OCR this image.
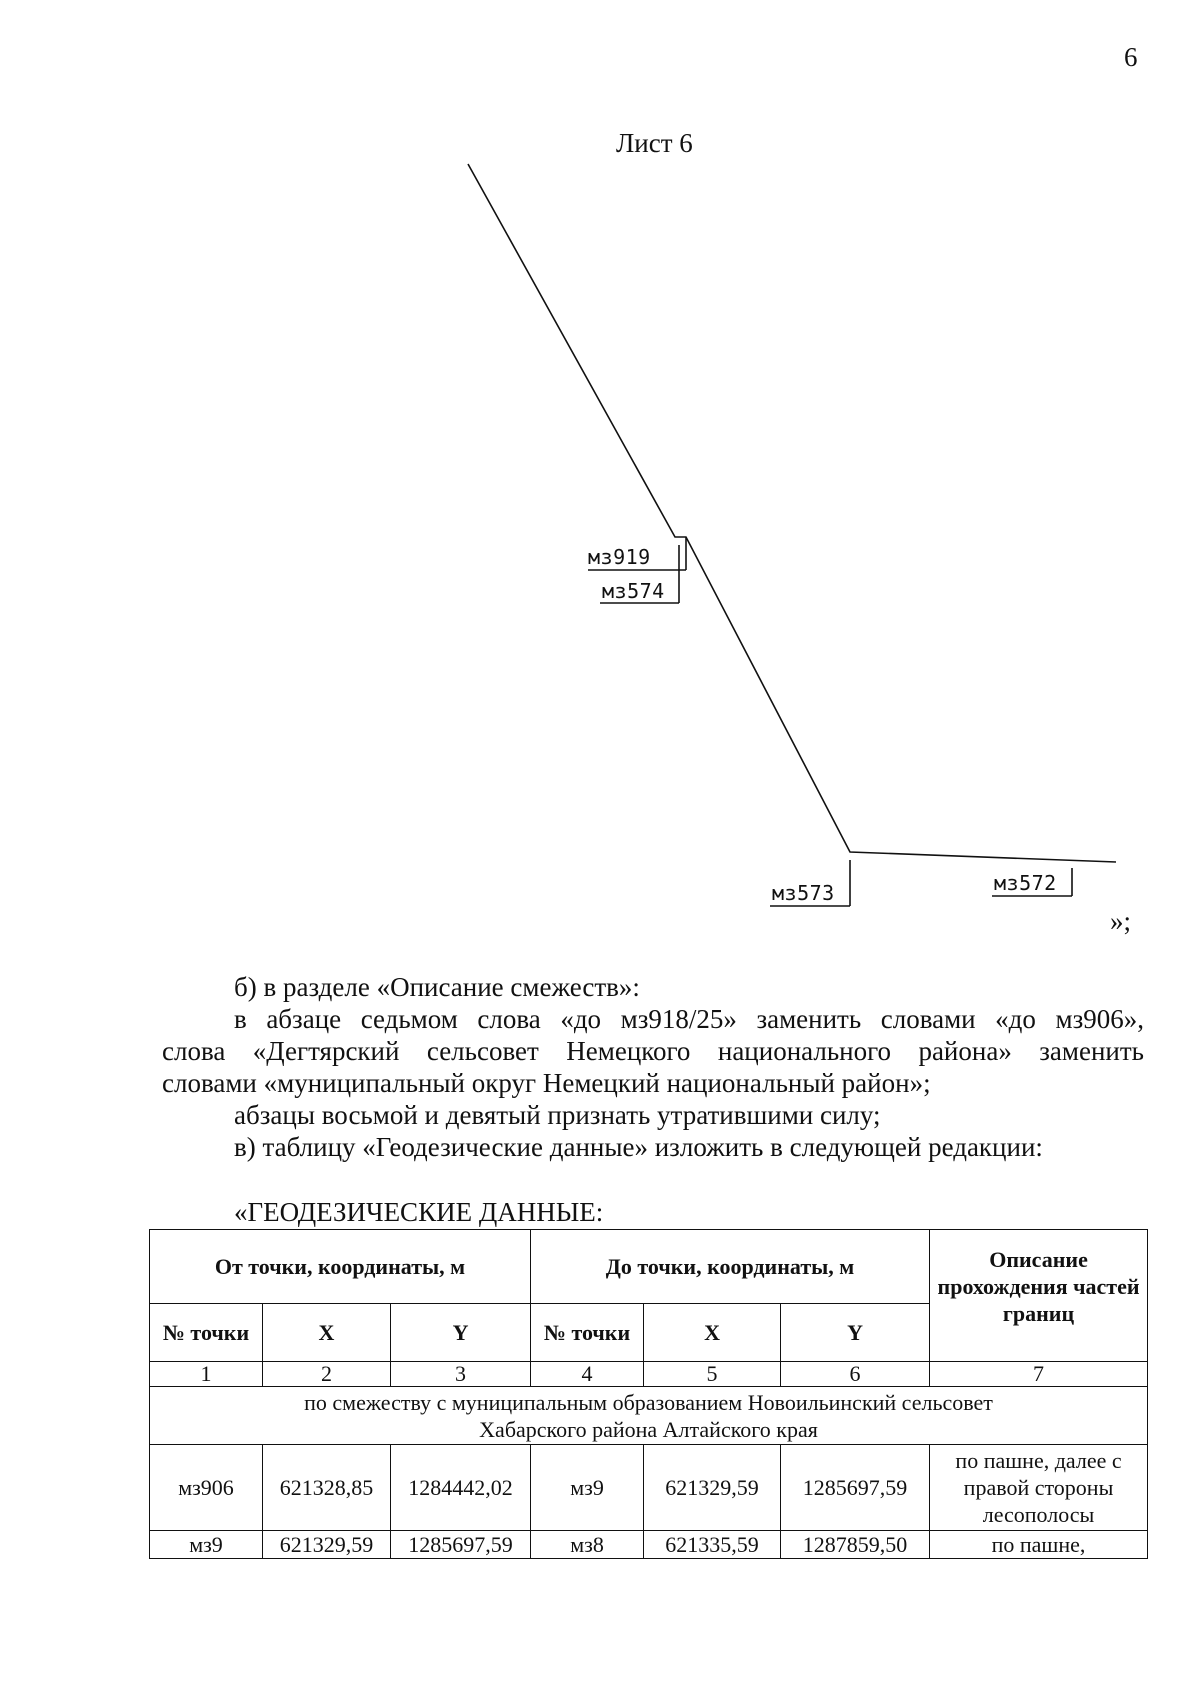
6
Лист 6
мз919
мз574
мз573	мз572
»;
б) в разделе «Описание смежеств»:
в абзаце седьмом слова «до мз918/25» заменить словами «до мз906»,
слова «Дегтярский сельсовет Немецкого национального района» заменить
словами «муниципальный округ Немецкий национальный район»;
абзацы восьмой и девятый признать утратившими силу;
в) таблицу «Геодезические данные» изложить в следующей редакции:
«ГЕОДЕЗИЧЕСКИЕ ДАННЫЕ:
От точки, координаты, м			До точки, координаты, м			Описание прохождения частей границ
№ точки	X	Y	№ точки	X	Y	
1	2	3	4	5	6	7
по смежеству с муниципальным образованием Новоильинский сельсовет Хабарского района Алтайского края						
мз906	621328,85	1284442,02	мз9	621329,59	1285697,59	по пашне, далее с правой стороны лесополосы
мз9	621329,59	1285697,59	мз8	621335,59	1287859,50	по пашне,
